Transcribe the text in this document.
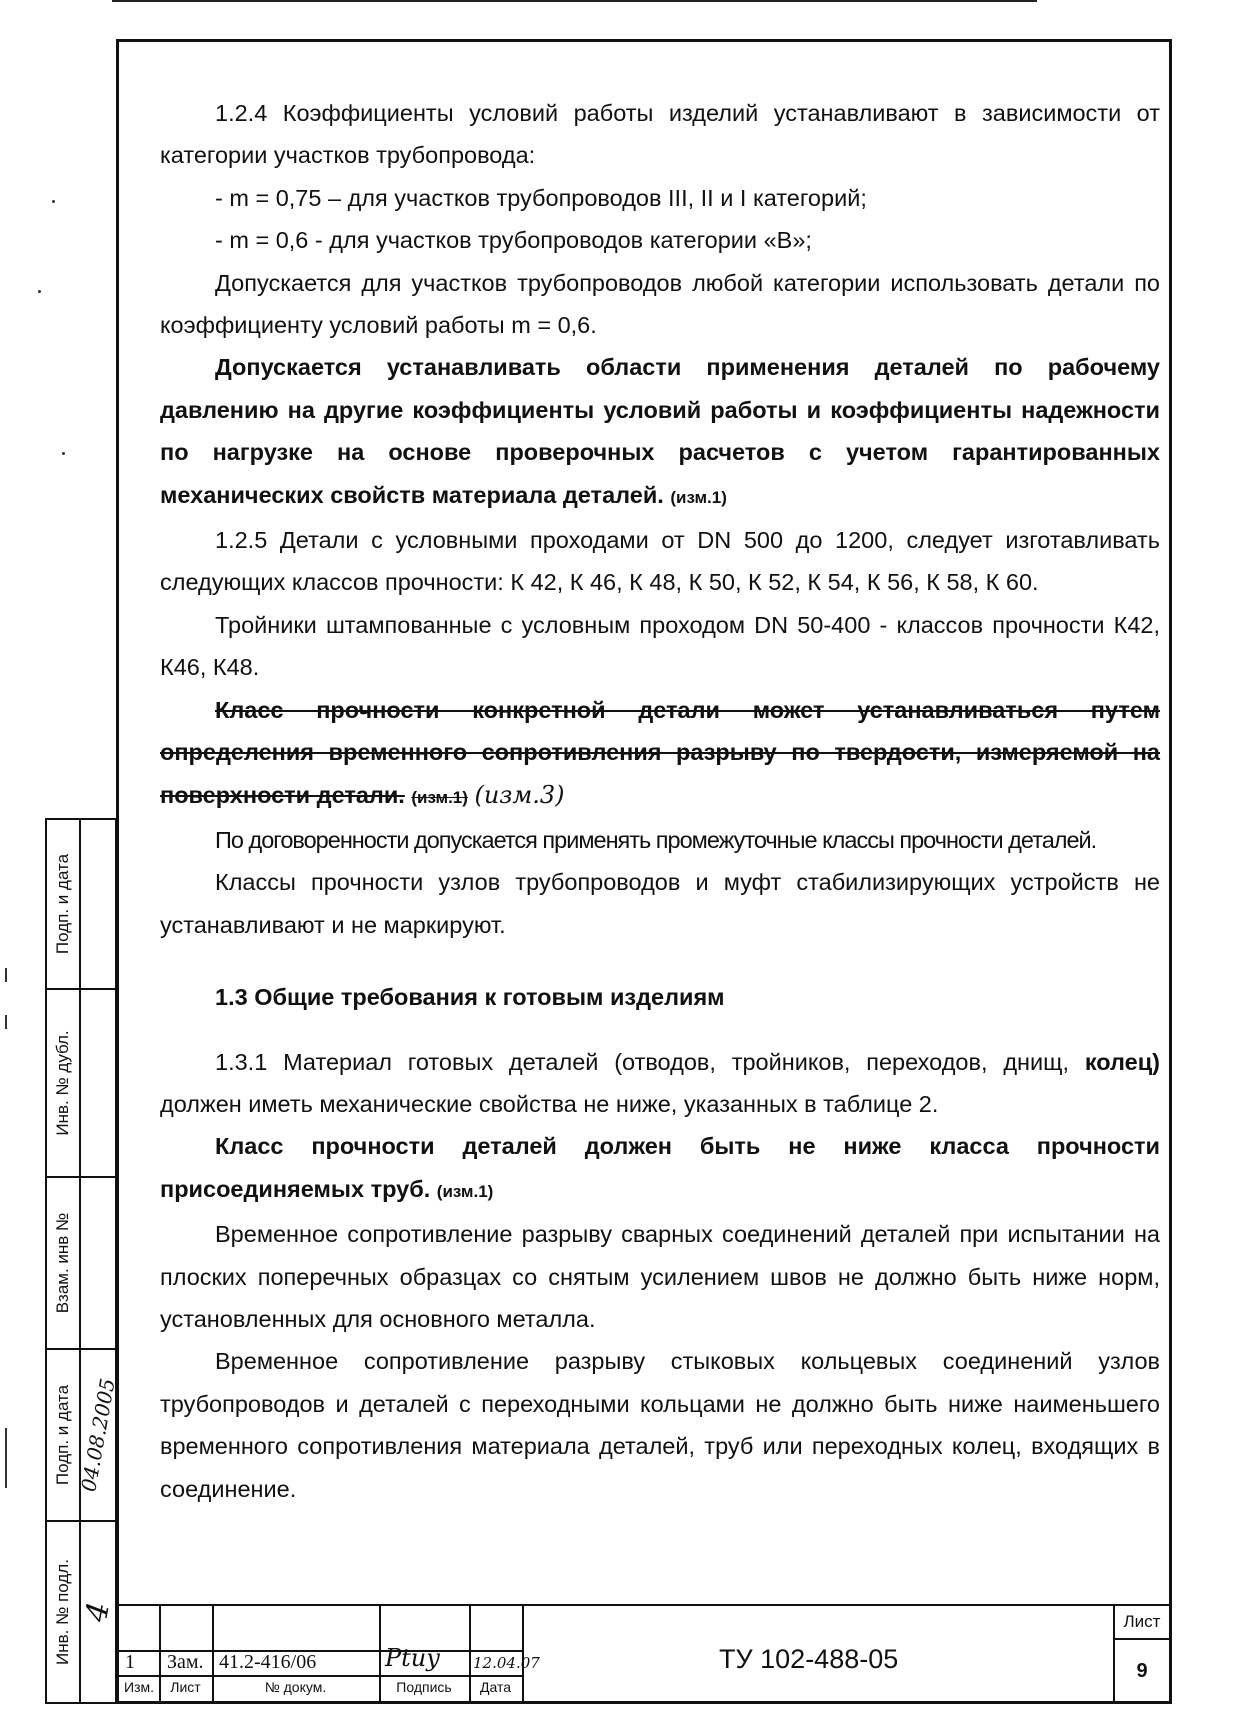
1.2.4 Коэффициенты условий работы изделий устанавливают в зависимости от категории участков трубопровода:

- m = 0,75 – для участков трубопроводов III, II и I категорий;

- m = 0,6 - для участков трубопроводов категории «В»;

Допускается для участков трубопроводов любой категории использовать детали по коэффициенту условий работы m = 0,6.

Допускается устанавливать области применения деталей по рабочему давлению на другие коэффициенты условий работы и коэффициенты надежности по нагрузке на основе проверочных расчетов с учетом гарантированных механических свойств материала деталей. (изм.1)

1.2.5 Детали с условными проходами от DN 500 до 1200, следует изготавливать следующих классов прочности: К 42, К 46, К 48, К 50, К 52, К 54, К 56, К 58, К 60.

Тройники штампованные с условным проходом DN 50-400 - классов прочности К42, К46, К48.

Класс прочности конкретной детали может устанавливаться путем определения временного сопротивления разрыву по твердости, измеряемой на поверхности детали. (изм.1) (изм.3)

По договоренности допускается применять промежуточные классы прочности деталей.

Классы прочности узлов трубопроводов и муфт стабилизирующих устройств не устанавливают и не маркируют.

1.3 Общие требования к готовым изделиям

1.3.1 Материал готовых деталей (отводов, тройников, переходов, днищ, колец) должен иметь механические свойства не ниже, указанных в таблице 2.

Класс прочности деталей должен быть не ниже класса прочности присоединяемых труб. (изм.1)

Временное сопротивление разрыву сварных соединений деталей при испытании на плоских поперечных образцах со снятым усилением швов не должно быть ниже норм, установленных для основного металла.

Временное сопротивление разрыву стыковых кольцевых соединений узлов трубопроводов и деталей с переходными кольцами не должно быть ниже наименьшего временного сопротивления материала деталей, труб или переходных колец, входящих в соединение.

Подп. и дата
Инв. № дубл.
Взам. инв №
Подп. и дата 04.08.2005
Инв. № подл. 4
1 Зам. 41.2-416/06	Ptuy 12.04.07
Изм.	Лист	№ докум.	Подпись	Дата
ТУ 102-488-05
Лист
9
